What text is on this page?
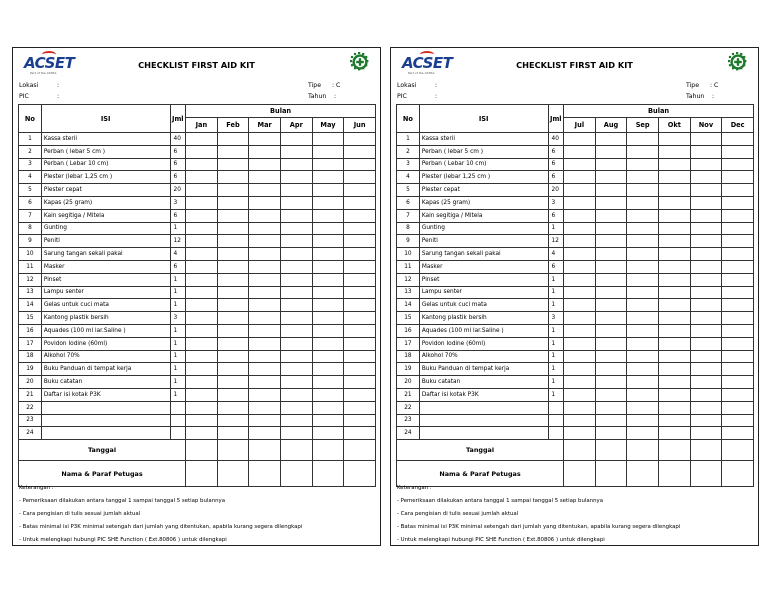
ACSET
Part of the ASTRA
CHECKLIST FIRST AID KIT
Lokasi	:
PIC	:
Tipe : C
Tahun :
No	ISI	Jml	Bulan					
			Jan	Feb	Mar	Apr	May	Jun
1	Kassa sterii	40						
2	Perban ( lebar 5 cm )	6						
3	Perban ( Lebar 10 cm)	6						
4	Plester (lebar 1,25 cm )	6						
5	Plester cepat	20						
6	Kapas (25 gram)	3						
7	Kain segitiga / Mitela	6						
8	Gunting	1						
9	Peniti	12						
10	Sarung tangan sekali pakai	4						
11	Masker	6						
12	Pinset	1						
13	Lampu senter	1						
14	Gelas untuk cuci mata	1						
15	Kantong plastik bersih	3						
16	Aquades (100 ml lar.Saline )	1						
17	Povidon Iodine (60ml)	1						
18	Alkohol 70%	1						
19	Buku Panduan di tempat kerja	1						
20	Buku catatan	1						
21	Daftar isi kotak P3K	1						
22								
23								
24								
Tanggal								
Nama & Paraf Petugas								
Keterangan :
- Pemeriksaan dilakukan antara tanggal 1 sampai tanggal 5 setiap bulannya
- Cara pengisian di tulis sesuai jumlah aktual
- Batas minimal isi P3K minimal setengah dari jumlah yang ditentukan, apabila kurang segera dilengkapi
- Untuk melengkapi hubungi PIC SHE Function ( Ext.80806 ) untuk dilengkapi
ACSET
Part of the ASTRA
CHECKLIST FIRST AID KIT
Lokasi	:
PIC	:
Tipe : C
Tahun :
No	ISI	Jml	Bulan					
			Jul	Aug	Sep	Okt	Nov	Dec
1	Kassa sterii	40						
2	Perban ( lebar 5 cm )	6						
3	Perban ( Lebar 10 cm)	6						
4	Plester (lebar 1,25 cm )	6						
5	Plester cepat	20						
6	Kapas (25 gram)	3						
7	Kain segitiga / Mitela	6						
8	Gunting	1						
9	Peniti	12						
10	Sarung tangan sekali pakai	4						
11	Masker	6						
12	Pinset	1						
13	Lampu senter	1						
14	Gelas untuk cuci mata	1						
15	Kantong plastik bersih	3						
16	Aquades (100 ml lar.Saline )	1						
17	Povidon Iodine (60ml)	1						
18	Alkohol 70%	1						
19	Buku Panduan di tempat kerja	1						
20	Buku catatan	1						
21	Daftar isi kotak P3K	1						
22								
23								
24								
Tanggal								
Nama & Paraf Petugas								
Keterangan :
- Pemeriksaan dilakukan antara tanggal 1 sampai tanggal 5 setiap bulannya
- Cara pengisian di tulis sesuai jumlah aktual
- Batas minimal isi P3K minimal setengah dari jumlah yang ditentukan, apabila kurang segera dilengkapi
- Untuk melengkapi hubungi PIC SHE Function ( Ext.80806 ) untuk dilengkapi
